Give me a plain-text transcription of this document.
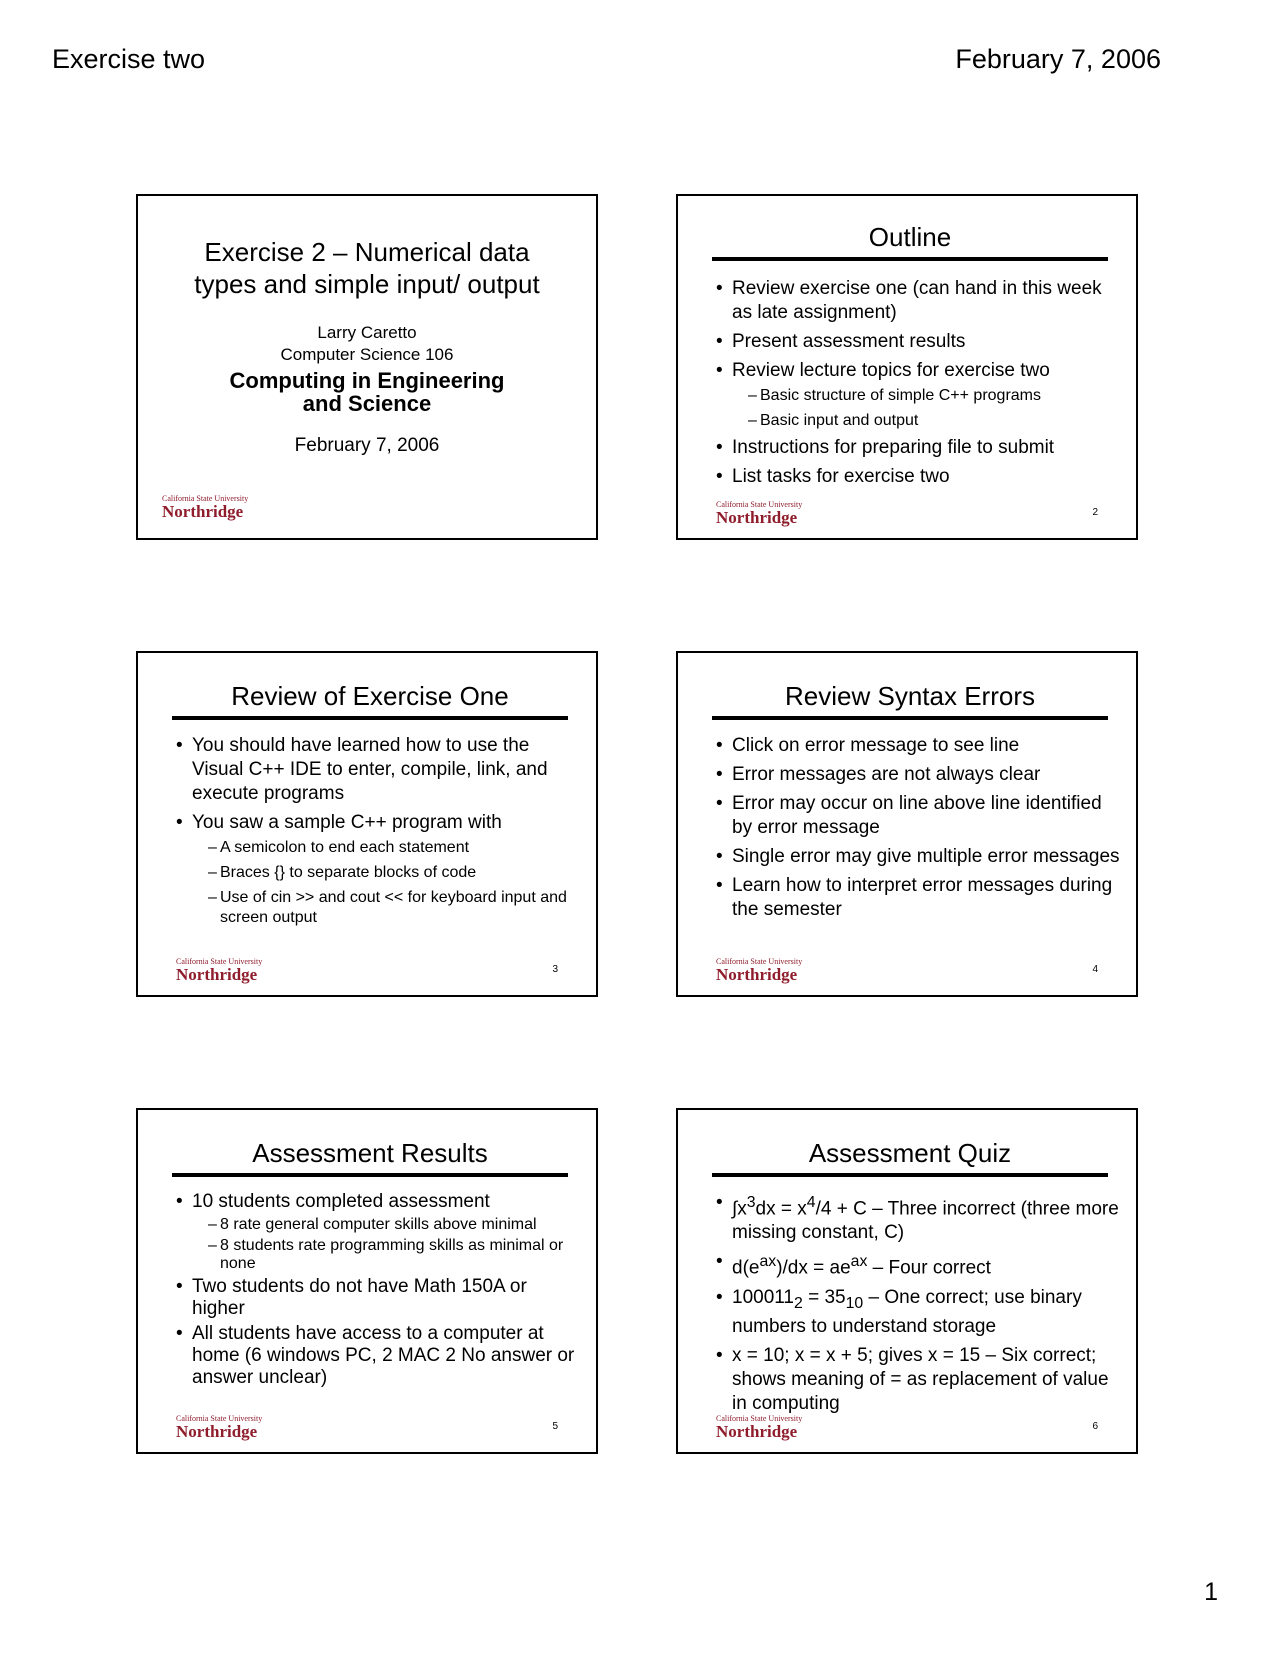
Exercise two	February 7, 2006
Exercise 2 – Numerical data
types and simple input/ output
Larry Caretto
Computer Science 106
Computing in Engineering
and Science
February 7, 2006
California State University
Northridge
Outline
• Review exercise one (can hand in this week as late assignment)
• Present assessment results
• Review lecture topics for exercise two
– Basic structure of simple C++ programs
– Basic input and output
• Instructions for preparing file to submit
• List tasks for exercise two
California State University
Northridge	2
Review of Exercise One
• You should have learned how to use the Visual C++ IDE to enter, compile, link, and execute programs
• You saw a sample C++ program with
– A semicolon to end each statement
– Braces {} to separate blocks of code
– Use of cin >> and cout << for keyboard input and screen output
California State University
Northridge	3
Review Syntax Errors
• Click on error message to see line
• Error messages are not always clear
• Error may occur on line above line identified by error message
• Single error may give multiple error messages
• Learn how to interpret error messages during the semester
California State University
Northridge	4
Assessment Results
• 10 students completed assessment
– 8 rate general computer skills above minimal
– 8 students rate programming skills as minimal or none
• Two students do not have Math 150A or higher
• All students have access to a computer at home (6 windows PC, 2 MAC 2 No answer or answer unclear)
California State University
Northridge	5
Assessment Quiz
• $\int x^3dx = x^4/4 + C$ – Three incorrect (three more missing constant, C)
• $d(e^{ax})/dx = ae^{ax}$ – Four correct
• $100011_2 = 35_{10}$ – One correct; use binary numbers to understand storage
• x = 10; x = x + 5; gives x = 15 – Six correct; shows meaning of = as replacement of value in computing
California State University
Northridge	6
1
